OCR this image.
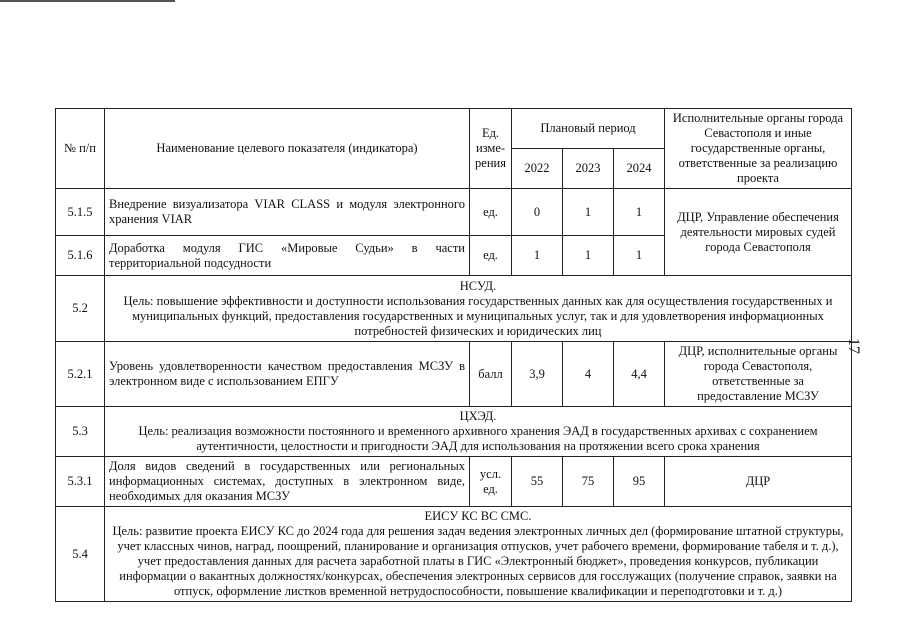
№ п/п	Наименование целевого показателя (индикатора)	Ед. изме-рения	Плановый период			Исполнительные органы города Севастополя и иные государственные органы, ответственные за реализацию проекта
			2022	2023	2024	
5.1.5	Внедрение визуализатора VIAR CLASS и модуля электронного хранения VIAR	ед.	0	1	1	ДЦР, Управление обеспечения деятельности мировых судей города Севастополя
5.1.6	Доработка модуля ГИС «Мировые Судьи» в части территориальной подсудности	ед.	1	1	1	
5.2	НСУД.
Цель: повышение эффективности и доступности использования государственных данных как для осуществления государственных и муниципальных функций, предоставления государственных и муниципальных услуг, так и для удовлетворения информационных потребностей физических и юридических лиц					

5.2.1	Уровень удовлетворенности качеством предоставления МСЗУ в электронном виде с использованием ЕПГУ	балл	3,9	4	4,4	ДЦР, исполнительные органы города Севастополя, ответственные за предоставление МСЗУ
5.3	ЦХЭД.
Цель: реализация возможности постоянного и временного архивного хранения ЭАД в государственных архивах с сохранением аутентичности, целостности и пригодности ЭАД для использования на протяжении всего срока хранения					

5.3.1	Доля видов сведений в государственных или региональных информационных системах, доступных в электронном виде, необходимых для оказания МСЗУ	усл. ед.	55	75	95	ДЦР
5.4	ЕИСУ КС ВС СМС.
Цель: развитие проекта ЕИСУ КС до 2024 года для решения задач ведения электронных личных дел (формирование штатной структуры, учет классных чинов, наград, поощрений, планирование и организация отпусков, учет рабочего времени, формирование табеля и т. д.), учет предоставления данных для расчета заработной платы в ГИС «Электронный бюджет», проведения конкурсов, публикации информации о вакантных должностях/конкурсах, обеспечения электронных сервисов для госслужащих (получение справок, заявки на отпуск, оформление листков временной нетрудоспособности, повышение квалификации и переподготовки и т. д.)					
17
